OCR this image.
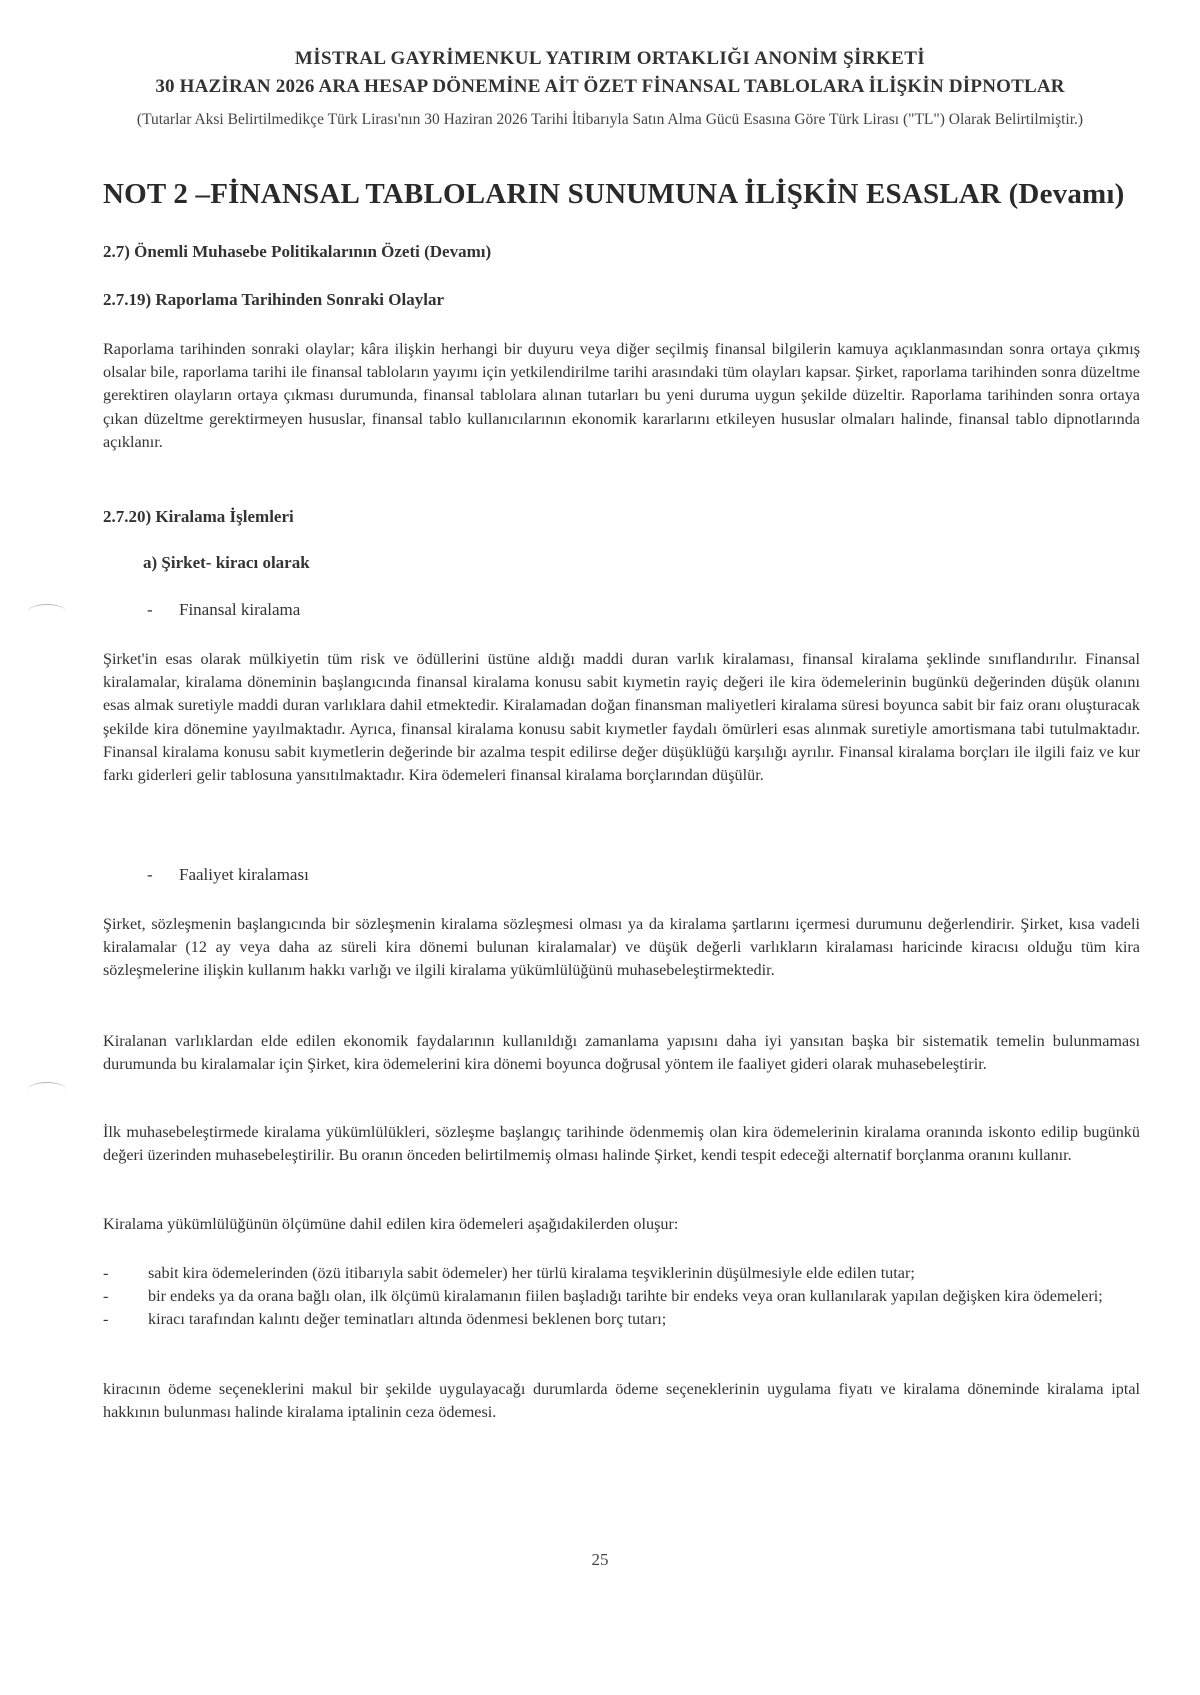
MİSTRAL GAYRİMENKUL YATIRIM ORTAKLIĞI ANONİM ŞİRKETİ
30 HAZİRAN 2026 ARA HESAP DÖNEMİNE AİT ÖZET FİNANSAL TABLOLARA İLİŞKİN DİPNOTLAR
(Tutarlar Aksi Belirtilmedikçe Türk Lirası'nın 30 Haziran 2026 Tarihi İtibarıyla Satın Alma Gücü Esasına Göre Türk Lirası ("TL") Olarak Belirtilmiştir.)
NOT 2 –FİNANSAL TABLOLARIN SUNUMUNA İLİŞKİN ESASLAR (Devamı)
2.7) Önemli Muhasebe Politikalarının Özeti (Devamı)
2.7.19) Raporlama Tarihinden Sonraki Olaylar
Raporlama tarihinden sonraki olaylar; kâra ilişkin herhangi bir duyuru veya diğer seçilmiş finansal bilgilerin kamuya açıklanmasından sonra ortaya çıkmış olsalar bile, raporlama tarihi ile finansal tabloların yayımı için yetkilendirilme tarihi arasındaki tüm olayları kapsar. Şirket, raporlama tarihinden sonra düzeltme gerektiren olayların ortaya çıkması durumunda, finansal tablolara alınan tutarları bu yeni duruma uygun şekilde düzeltir. Raporlama tarihinden sonra ortaya çıkan düzeltme gerektirmeyen hususlar, finansal tablo kullanıcılarının ekonomik kararlarını etkileyen hususlar olmaları halinde, finansal tablo dipnotlarında açıklanır.
2.7.20) Kiralama İşlemleri
a) Şirket- kiracı olarak
- Finansal kiralama
Şirket'in esas olarak mülkiyetin tüm risk ve ödüllerini üstüne aldığı maddi duran varlık kiralaması, finansal kiralama şeklinde sınıflandırılır. Finansal kiralamalar, kiralama döneminin başlangıcında finansal kiralama konusu sabit kıymetin rayiç değeri ile kira ödemelerinin bugünkü değerinden düşük olanını esas almak suretiyle maddi duran varlıklara dahil etmektedir. Kiralamadan doğan finansman maliyetleri kiralama süresi boyunca sabit bir faiz oranı oluşturacak şekilde kira dönemine yayılmaktadır. Ayrıca, finansal kiralama konusu sabit kıymetler faydalı ömürleri esas alınmak suretiyle amortismana tabi tutulmaktadır. Finansal kiralama konusu sabit kıymetlerin değerinde bir azalma tespit edilirse değer düşüklüğü karşılığı ayrılır. Finansal kiralama borçları ile ilgili faiz ve kur farkı giderleri gelir tablosuna yansıtılmaktadır. Kira ödemeleri finansal kiralama borçlarından düşülür.
- Faaliyet kiralaması
Şirket, sözleşmenin başlangıcında bir sözleşmenin kiralama sözleşmesi olması ya da kiralama şartlarını içermesi durumunu değerlendirir. Şirket, kısa vadeli kiralamalar (12 ay veya daha az süreli kira dönemi bulunan kiralamalar) ve düşük değerli varlıkların kiralaması haricinde kiracısı olduğu tüm kira sözleşmelerine ilişkin kullanım hakkı varlığı ve ilgili kiralama yükümlülüğünü muhasebeleştirmektedir.
Kiralanan varlıklardan elde edilen ekonomik faydalarının kullanıldığı zamanlama yapısını daha iyi yansıtan başka bir sistematik temelin bulunmaması durumunda bu kiralamalar için Şirket, kira ödemelerini kira dönemi boyunca doğrusal yöntem ile faaliyet gideri olarak muhasebeleştirir.
İlk muhasebeleştirmede kiralama yükümlülükleri, sözleşme başlangıç tarihinde ödenmemiş olan kira ödemelerinin kiralama oranında iskonto edilip bugünkü değeri üzerinden muhasebeleştirilir. Bu oranın önceden belirtilmemiş olması halinde Şirket, kendi tespit edeceği alternatif borçlanma oranını kullanır.
Kiralama yükümlülüğünün ölçümüne dahil edilen kira ödemeleri aşağıdakilerden oluşur:
-	sabit kira ödemelerinden (özü itibarıyla sabit ödemeler) her türlü kiralama teşviklerinin düşülmesiyle elde edilen tutar;
-	bir endeks ya da orana bağlı olan, ilk ölçümü kiralamanın fiilen başladığı tarihte bir endeks veya oran kullanılarak yapılan değişken kira ödemeleri;
-	kiracı tarafından kalıntı değer teminatları altında ödenmesi beklenen borç tutarı;
kiracının ödeme seçeneklerini makul bir şekilde uygulayacağı durumlarda ödeme seçeneklerinin uygulama fiyatı ve kiralama döneminde kiralama iptal hakkının bulunması halinde kiralama iptalinin ceza ödemesi.
25
